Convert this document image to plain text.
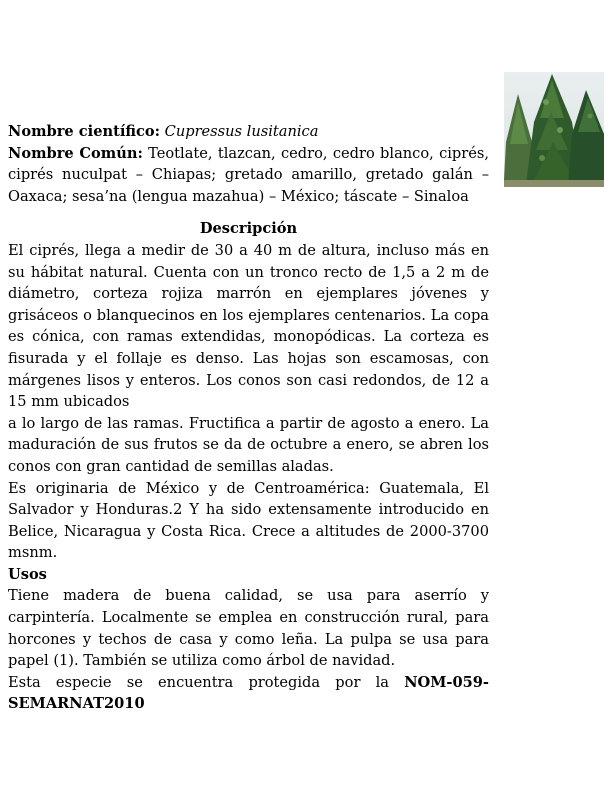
Nombre científico: Cupressus lusitanica

Nombre Común: Teotlate, tlazcan, cedro, cedro blanco, ciprés, ciprés nuculpat – Chiapas; gretado amarillo, gretado galán – Oaxaca; sesa’na (lengua mazahua) – México; táscate – Sinaloa

Descripción

El ciprés, llega a medir de 30 a 40 m de altura, incluso más en su hábitat natural. Cuenta con un tronco recto de 1,5 a 2 m de diámetro, corteza rojiza marrón en ejemplares jóvenes y grisáceos o blanquecinos en los ejemplares centenarios. La copa es cónica, con ramas extendidas, monopódicas. La corteza es fisurada y el follaje es denso. Las hojas son escamosas, con márgenes lisos y enteros. Los conos son casi redondos, de 12 a 15 mm ubicados

a lo largo de las ramas. Fructifica a partir de agosto a enero. La maduración de sus frutos se da de octubre a enero, se abren los conos con gran cantidad de semillas aladas.

Es originaria de México y de Centroamérica: Guatemala, El Salvador y Honduras.2 Y ha sido extensamente introducido en Belice, Nicaragua y Costa Rica. Crece a altitudes de 2000-3700 msnm.

Usos

Tiene madera de buena calidad, se usa para aserrío y carpintería. Localmente se emplea en construcción rural, para horcones y techos de casa y como leña. La pulpa se usa para papel (1). También se utiliza como árbol de navidad.

Esta especie se encuentra protegida por la NOM-059-SEMARNAT2010
